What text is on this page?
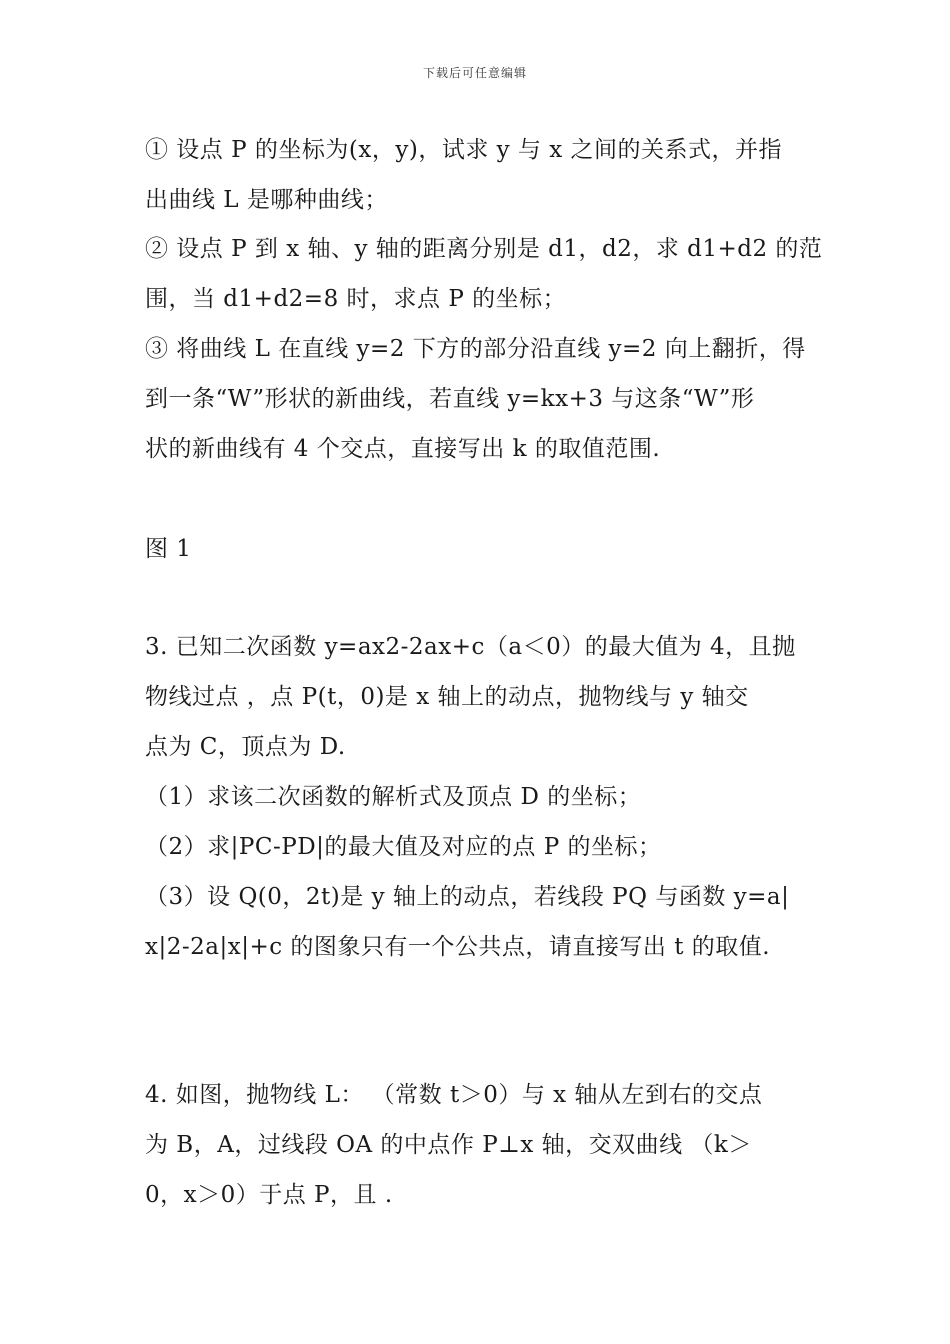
下载后可任意编辑
① 设点 P 的坐标为(x，y)，试求 y 与 x 之间的关系式，并指
出曲线 L 是哪种曲线；
② 设点 P 到 x 轴、y 轴的距离分别是 d1，d2，求 d1+d2 的范
围，当 d1+d2=8 时，求点 P 的坐标；
③ 将曲线 L 在直线 y=2 下方的部分沿直线 y=2 向上翻折，得
到一条“W”形状的新曲线，若直线 y=kx+3 与这条“W”形
状的新曲线有 4 个交点，直接写出 k 的取值范围.
图 1
3. 已知二次函数 y=ax2-2ax+c（a＜0）的最大值为 4，且抛
物线过点 ，点 P(t，0)是 x 轴上的动点，抛物线与 y 轴交
点为 C，顶点为 D.
（1）求该二次函数的解析式及顶点 D 的坐标；
（2）求|PC-PD|的最大值及对应的点 P 的坐标；
（3）设 Q(0，2t)是 y 轴上的动点，若线段 PQ 与函数 y=a|
x|2-2a|x|+c 的图象只有一个公共点，请直接写出 t 的取值.
4. 如图，抛物线 L： （常数 t＞0）与 x 轴从左到右的交点
为 B，A，过线段 OA 的中点作 P⊥x 轴，交双曲线 （k＞
0，x＞0）于点 P，且 .
